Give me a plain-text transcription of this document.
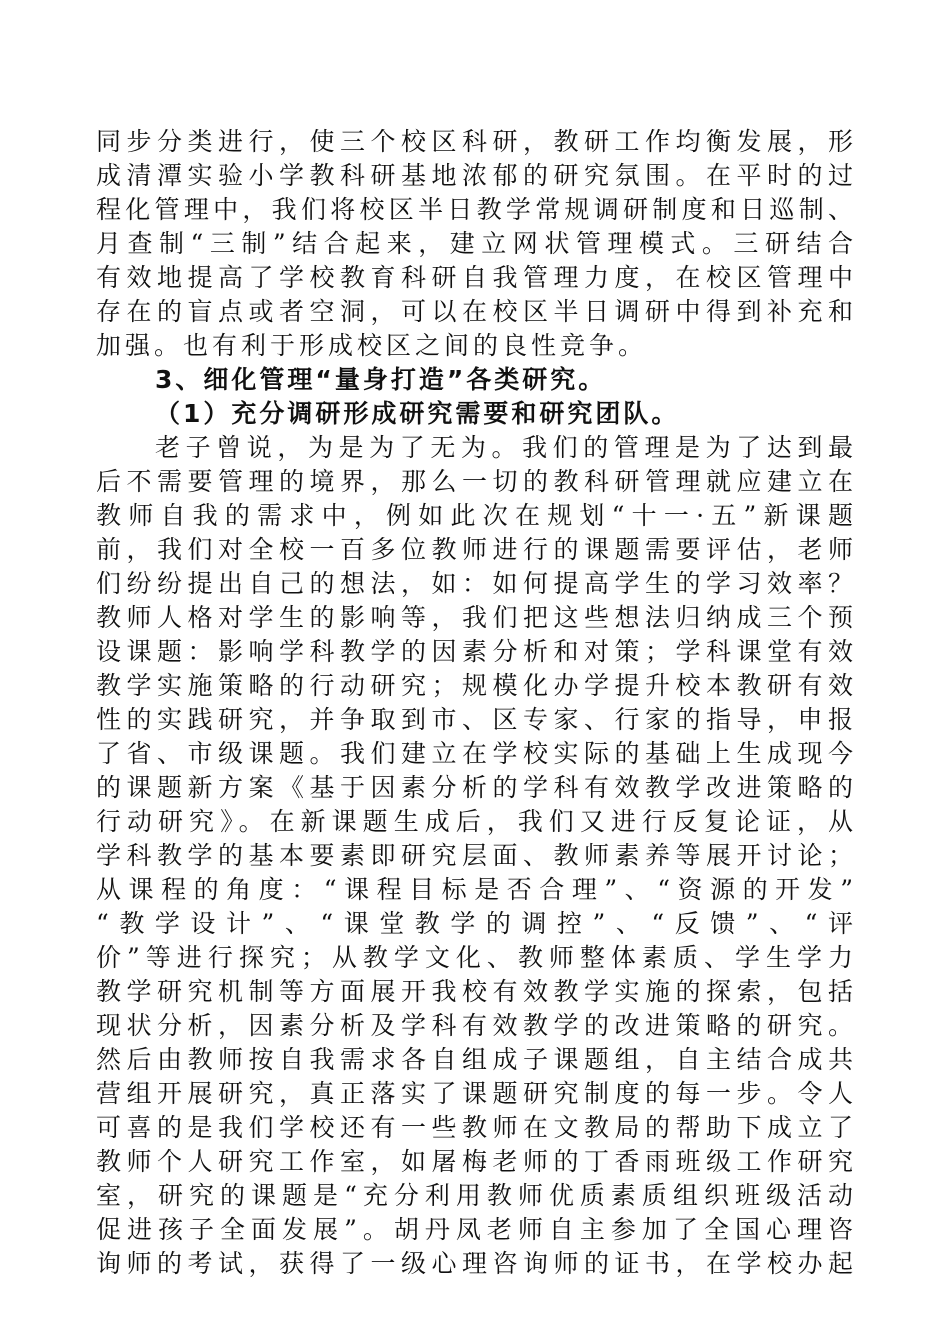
同步分类进行，使三个校区科研，教研工作均衡发展，形
成清潭实验小学教科研基地浓郁的研究氛围。在平时的过
程化管理中，我们将校区半日教学常规调研制度和日巡制、
月查制“三制”结合起来，建立网状管理模式。三研结合
有效地提高了学校教育科研自我管理力度，在校区管理中
存在的盲点或者空洞，可以在校区半日调研中得到补充和
加强。也有利于形成校区之间的良性竞争。
3、细化管理“量身打造”各类研究。
（1）充分调研形成研究需要和研究团队。
老子曾说，为是为了无为。我们的管理是为了达到最
后不需要管理的境界，那么一切的教科研管理就应建立在
教师自我的需求中，例如此次在规划“十一·五”新课题
前，我们对全校一百多位教师进行的课题需要评估，老师
们纷纷提出自己的想法，如：如何提高学生的学习效率？
教师人格对学生的影响等，我们把这些想法归纳成三个预
设课题：影响学科教学的因素分析和对策；学科课堂有效
教学实施策略的行动研究；规模化办学提升校本教研有效
性的实践研究，并争取到市、区专家、行家的指导，申报
了省、市级课题。我们建立在学校实际的基础上生成现今
的课题新方案《基于因素分析的学科有效教学改进策略的
行动研究》。在新课题生成后，我们又进行反复论证，从
学科教学的基本要素即研究层面、教师素养等展开讨论；
从课程的角度：“课程目标是否合理”、“资源的开发”
“教学设计”、“课堂教学的调控”、“反馈”、“评
价”等进行探究；从教学文化、教师整体素质、学生学力
教学研究机制等方面展开我校有效教学实施的探索，包括
现状分析，因素分析及学科有效教学的改进策略的研究。
然后由教师按自我需求各自组成子课题组，自主结合成共
营组开展研究，真正落实了课题研究制度的每一步。令人
可喜的是我们学校还有一些教师在文教局的帮助下成立了
教师个人研究工作室，如屠梅老师的丁香雨班级工作研究
室，研究的课题是“充分利用教师优质素质组织班级活动
促进孩子全面发展”。胡丹凤老师自主参加了全国心理咨
询师的考试，获得了一级心理咨询师的证书，在学校办起
